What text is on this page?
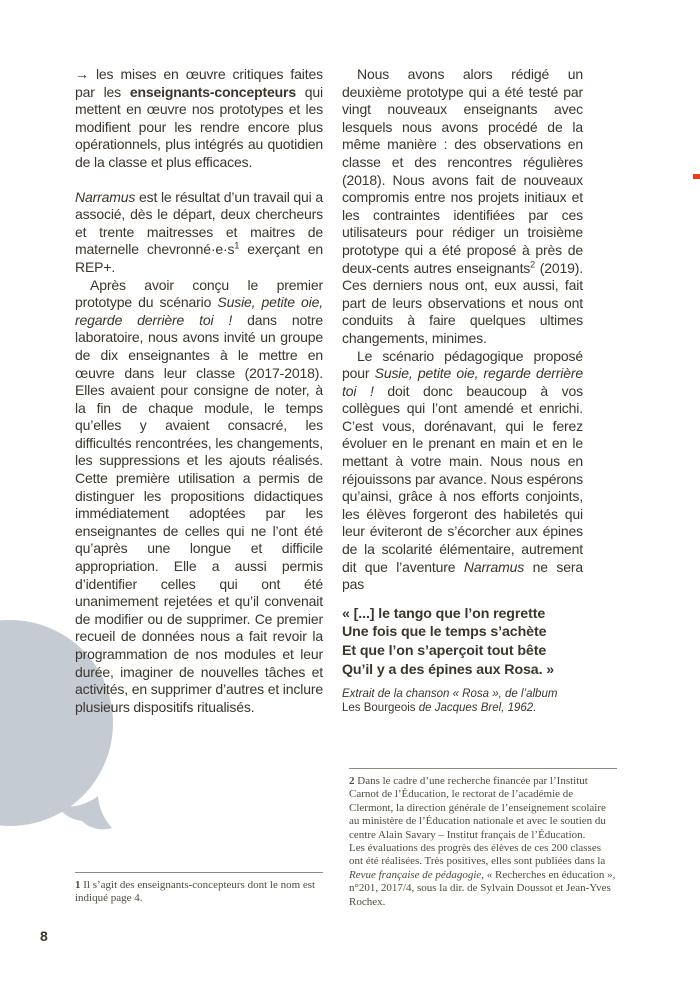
→ les mises en œuvre critiques faites par les enseignants-concepteurs qui mettent en œuvre nos prototypes et les modifient pour les rendre encore plus opérationnels, plus intégrés au quotidien de la classe et plus efficaces.

Narramus est le résultat d’un travail qui a associé, dès le départ, deux chercheurs et trente maitresses et maitres de maternelle chevronné·e·s$^1$ exerçant en REP+.

Après avoir conçu le premier prototype du scénario Susie, petite oie, regarde derrière toi ! dans notre laboratoire, nous avons invité un groupe de dix enseignantes à le mettre en œuvre dans leur classe (2017-2018). Elles avaient pour consigne de noter, à la fin de chaque module, le temps qu’elles y avaient consacré, les difficultés rencontrées, les changements, les suppressions et les ajouts réalisés. Cette première utilisation a permis de distinguer les propositions didactiques immédiatement adoptées par les enseignantes de celles qui ne l’ont été qu’après une longue et difficile appropriation. Elle a aussi permis d’identifier celles qui ont été unanimement rejetées et qu’il convenait de modifier ou de supprimer. Ce premier recueil de données nous a fait revoir la programmation de nos modules et leur durée, imaginer de nouvelles tâches et activités, en supprimer d’autres et inclure plusieurs dispositifs ritualisés.

Nous avons alors rédigé un deuxième prototype qui a été testé par vingt nouveaux enseignants avec lesquels nous avons procédé de la même manière : des observations en classe et des rencontres régulières (2018). Nous avons fait de nouveaux compromis entre nos projets initiaux et les contraintes identifiées par ces utilisateurs pour rédiger un troisième prototype qui a été proposé à près de deux-cents autres enseignants$^2$ (2019). Ces derniers nous ont, eux aussi, fait part de leurs observations et nous ont conduits à faire quelques ultimes changements, minimes.

Le scénario pédagogique proposé pour Susie, petite oie, regarde derrière toi ! doit donc beaucoup à vos collègues qui l’ont amendé et enrichi. C’est vous, dorénavant, qui le ferez évoluer en le prenant en main et en le mettant à votre main. Nous nous en réjouissons par avance. Nous espérons qu’ainsi, grâce à nos efforts conjoints, les élèves forgeront des habiletés qui leur éviteront de s’écorcher aux épines de la scolarité élémentaire, autrement dit que l’aventure Narramus ne sera pas

« [...] le tango que l’on regrette
Une fois que le temps s’achète
Et que l’on s’aperçoit tout bête
Qu’il y a des épines aux Rosa. »
Extrait de la chanson « Rosa », de l’album
Les Bourgeois de Jacques Brel, 1962.

1 Il s’agit des enseignants-concepteurs dont le nom est indiqué page 4.

2 Dans le cadre d’une recherche financée par l’Institut Carnot de l’Éducation, le rectorat de l’académie de Clermont, la direction générale de l’enseignement scolaire au ministère de l’Éducation nationale et avec le soutien du centre Alain Savary – Institut français de l’Éducation.

Les évaluations des progrès des élèves de ces 200 classes ont été réalisées. Très positives, elles sont publiées dans la Revue française de pédagogie, « Recherches en éducation », n°201, 2017/4, sous la dir. de Sylvain Doussot et Jean-Yves Rochex.

8
